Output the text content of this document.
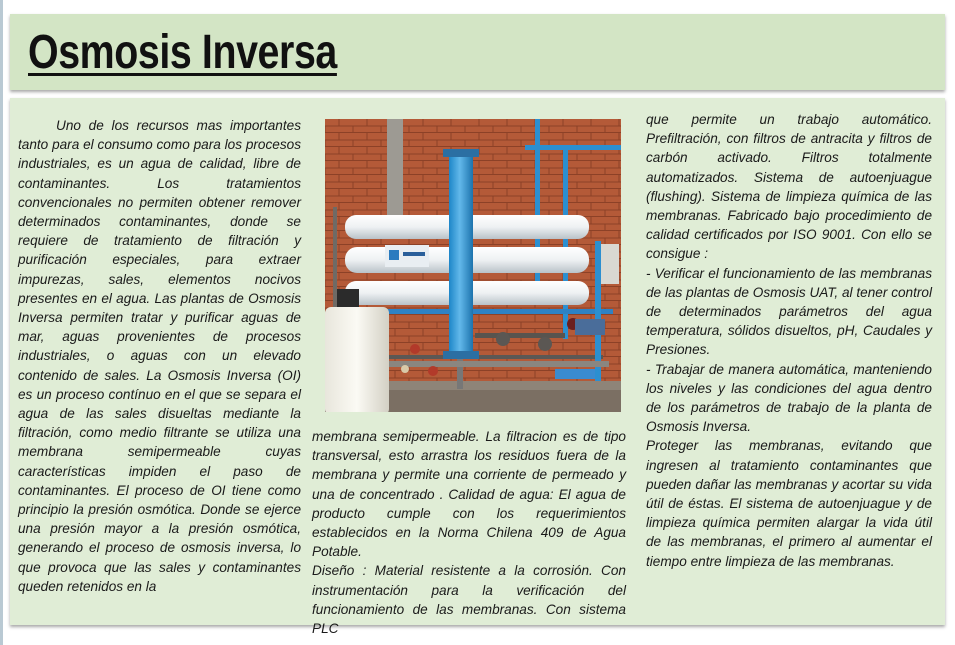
Osmosis Inversa

Uno de los recursos mas importantes tanto para el consumo como para los procesos industriales, es un agua de calidad, libre de contaminantes. Los tratamientos convencionales no permiten obtener remover determinados contaminantes, donde se requiere de tratamiento de filtración y purificación especiales, para extraer impurezas, sales, elementos nocivos presentes en el agua. Las plantas de Osmosis Inversa permiten tratar y purificar aguas de mar, aguas provenientes de procesos industriales, o aguas con un elevado contenido de sales. La Osmosis Inversa (OI) es un proceso contínuo en el que se separa el agua de las sales disueltas mediante la filtración, como medio filtrante se utiliza una membrana semipermeable cuyas características impiden el paso de contaminantes. El proceso de OI tiene como principio la presión osmótica. Donde se ejerce una presión mayor a la presión osmótica, generando el proceso de osmosis inversa, lo que provoca que las sales y contaminantes queden retenidos en la

membrana semipermeable. La filtracion es de tipo transversal, esto arrastra los residuos fuera de la membrana y permite una corriente de permeado y una de concentrado . Calidad de agua: El agua de producto cumple con los requerimientos establecidos en la Norma Chilena 409 de Agua Potable.

Diseño : Material resistente a la corrosión. Con instrumentación para la verificación del funcionamiento de las membranas. Con sistema PLC

que permite un trabajo automático. Prefiltración, con filtros de antracita y filtros de carbón activado. Filtros totalmente automatizados. Sistema de autoenjuague (flushing). Sistema de limpieza química de las membranas. Fabricado bajo procedimiento de calidad certificados por ISO 9001. Con ello se consigue :

- Verificar el funcionamiento de las membranas de las plantas de Osmosis UAT, al tener control de determinados parámetros del agua temperatura, sólidos disueltos, pH, Caudales y Presiones.

- Trabajar de manera automática, manteniendo los niveles y las condiciones del agua dentro de los parámetros de trabajo de la planta de Osmosis Inversa.

Proteger las membranas, evitando que ingresen al tratamiento contaminantes que pueden dañar las membranas y acortar su vida útil de éstas. El sistema de autoenjuague y de limpieza química permiten alargar la vida útil de las membranas, el primero al aumentar el tiempo entre limpieza de las membranas.
